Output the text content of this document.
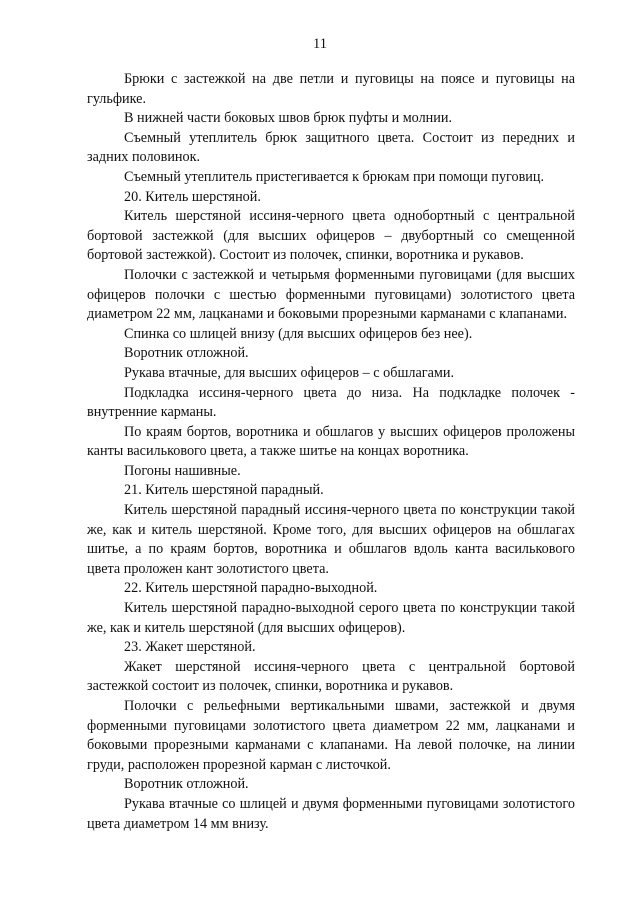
11

Брюки с застежкой на две петли и пуговицы на поясе и пуговицы на гульфике.

В нижней части боковых швов брюк пуфты и молнии.

Съемный утеплитель брюк защитного цвета. Состоит из передних и задних половинок.

Съемный утеплитель пристегивается к брюкам при помощи пуговиц.

20. Китель шерстяной.

Китель шерстяной иссиня-черного цвета однобортный с центральной бортовой застежкой (для высших офицеров – двубортный со смещенной бортовой застежкой). Состоит из полочек, спинки, воротника и рукавов.

Полочки с застежкой и четырьмя форменными пуговицами (для высших офицеров полочки с шестью форменными пуговицами) золотистого цвета диаметром 22 мм, лацканами и боковыми прорезными карманами с клапанами.

Спинка со шлицей внизу (для высших офицеров без нее).

Воротник отложной.

Рукава втачные, для высших офицеров – с обшлагами.

Подкладка иссиня-черного цвета до низа. На подкладке полочек - внутренние карманы.

По краям бортов, воротника и обшлагов у высших офицеров проложены канты василькового цвета, а также шитье на концах воротника.

Погоны нашивные.

21. Китель шерстяной парадный.

Китель шерстяной парадный иссиня-черного цвета по конструкции такой же, как и китель шерстяной. Кроме того, для высших офицеров на обшлагах шитье, а по краям бортов, воротника и обшлагов вдоль канта василькового цвета проложен кант золотистого цвета.

22. Китель шерстяной парадно-выходной.

Китель шерстяной парадно-выходной серого цвета по конструкции такой же, как и китель шерстяной (для высших офицеров).

23. Жакет шерстяной.

Жакет шерстяной иссиня-черного цвета с центральной бортовой застежкой состоит из полочек, спинки, воротника и рукавов.

Полочки с рельефными вертикальными швами, застежкой и двумя форменными пуговицами золотистого цвета диаметром 22 мм, лацканами и боковыми прорезными карманами с клапанами. На левой полочке, на линии груди, расположен прорезной карман с листочкой.

Воротник отложной.

Рукава втачные со шлицей и двумя форменными пуговицами золотистого цвета диаметром 14 мм внизу.
